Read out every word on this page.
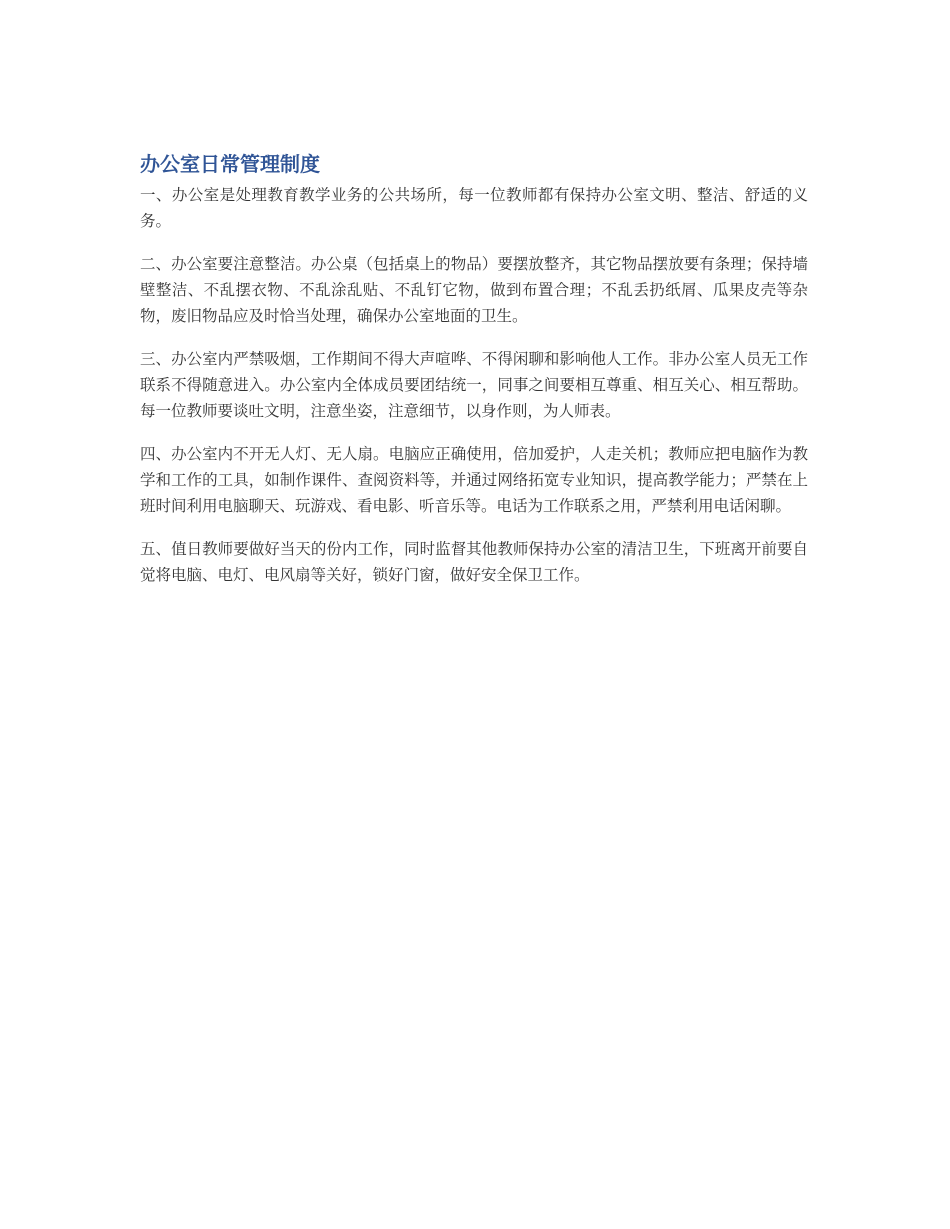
办公室日常管理制度

一、办公室是处理教育教学业务的公共场所，每一位教师都有保持办公室文明、整洁、舒适的义务。

二、办公室要注意整洁。办公桌（包括桌上的物品）要摆放整齐，其它物品摆放要有条理；保持墙壁整洁、不乱摆衣物、不乱涂乱贴、不乱钉它物，做到布置合理；不乱丢扔纸屑、瓜果皮壳等杂物，废旧物品应及时恰当处理，确保办公室地面的卫生。

三、办公室内严禁吸烟，工作期间不得大声喧哗、不得闲聊和影响他人工作。非办公室人员无工作联系不得随意进入。办公室内全体成员要团结统一，同事之间要相互尊重、相互关心、相互帮助。每一位教师要谈吐文明，注意坐姿，注意细节，以身作则，为人师表。

四、办公室内不开无人灯、无人扇。电脑应正确使用，倍加爱护，人走关机；教师应把电脑作为教学和工作的工具，如制作课件、查阅资料等，并通过网络拓宽专业知识，提高教学能力；严禁在上班时间利用电脑聊天、玩游戏、看电影、听音乐等。电话为工作联系之用，严禁利用电话闲聊。

五、值日教师要做好当天的份内工作，同时监督其他教师保持办公室的清洁卫生，下班离开前要自觉将电脑、电灯、电风扇等关好，锁好门窗，做好安全保卫工作。
